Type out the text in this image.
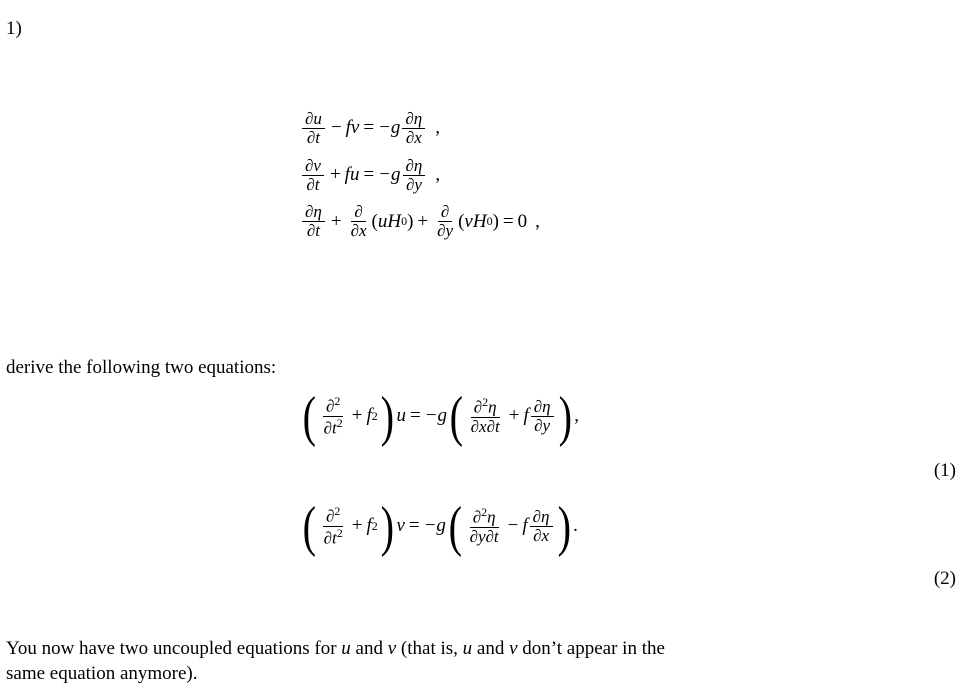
1)
$\frac{\partial u}{\partial t}$ − fv = $-g \frac{\partial\eta}{\partial x}$ ,
$\frac{\partial v}{\partial t}$ + fu = $-g \frac{\partial\eta}{\partial y}$ ,
$\frac{\partial\eta}{\partial t} + \frac{\partial}{\partial x}$ ( uH 0 ) + $\frac{\partial}{\partial y}$ ( vH 0 ) = 0 ,
derive the following two equations:
( $\frac{\partial^2}{\partial t^2} + f$ 2 ) u = −g ( $\frac{\partial^2\eta}{\partial x\partial t} + f \frac{\partial\eta}{\partial y}$ ) ,
(1)
( $\frac{\partial^2}{\partial t^2} + f$ 2 ) v = −g ( $\frac{\partial^2\eta}{\partial y\partial t} - f \frac{\partial\eta}{\partial x}$ ) .
(2)
You now have two uncoupled equations for u and v (that is, u and v don’t appear in the
same equation anymore).
